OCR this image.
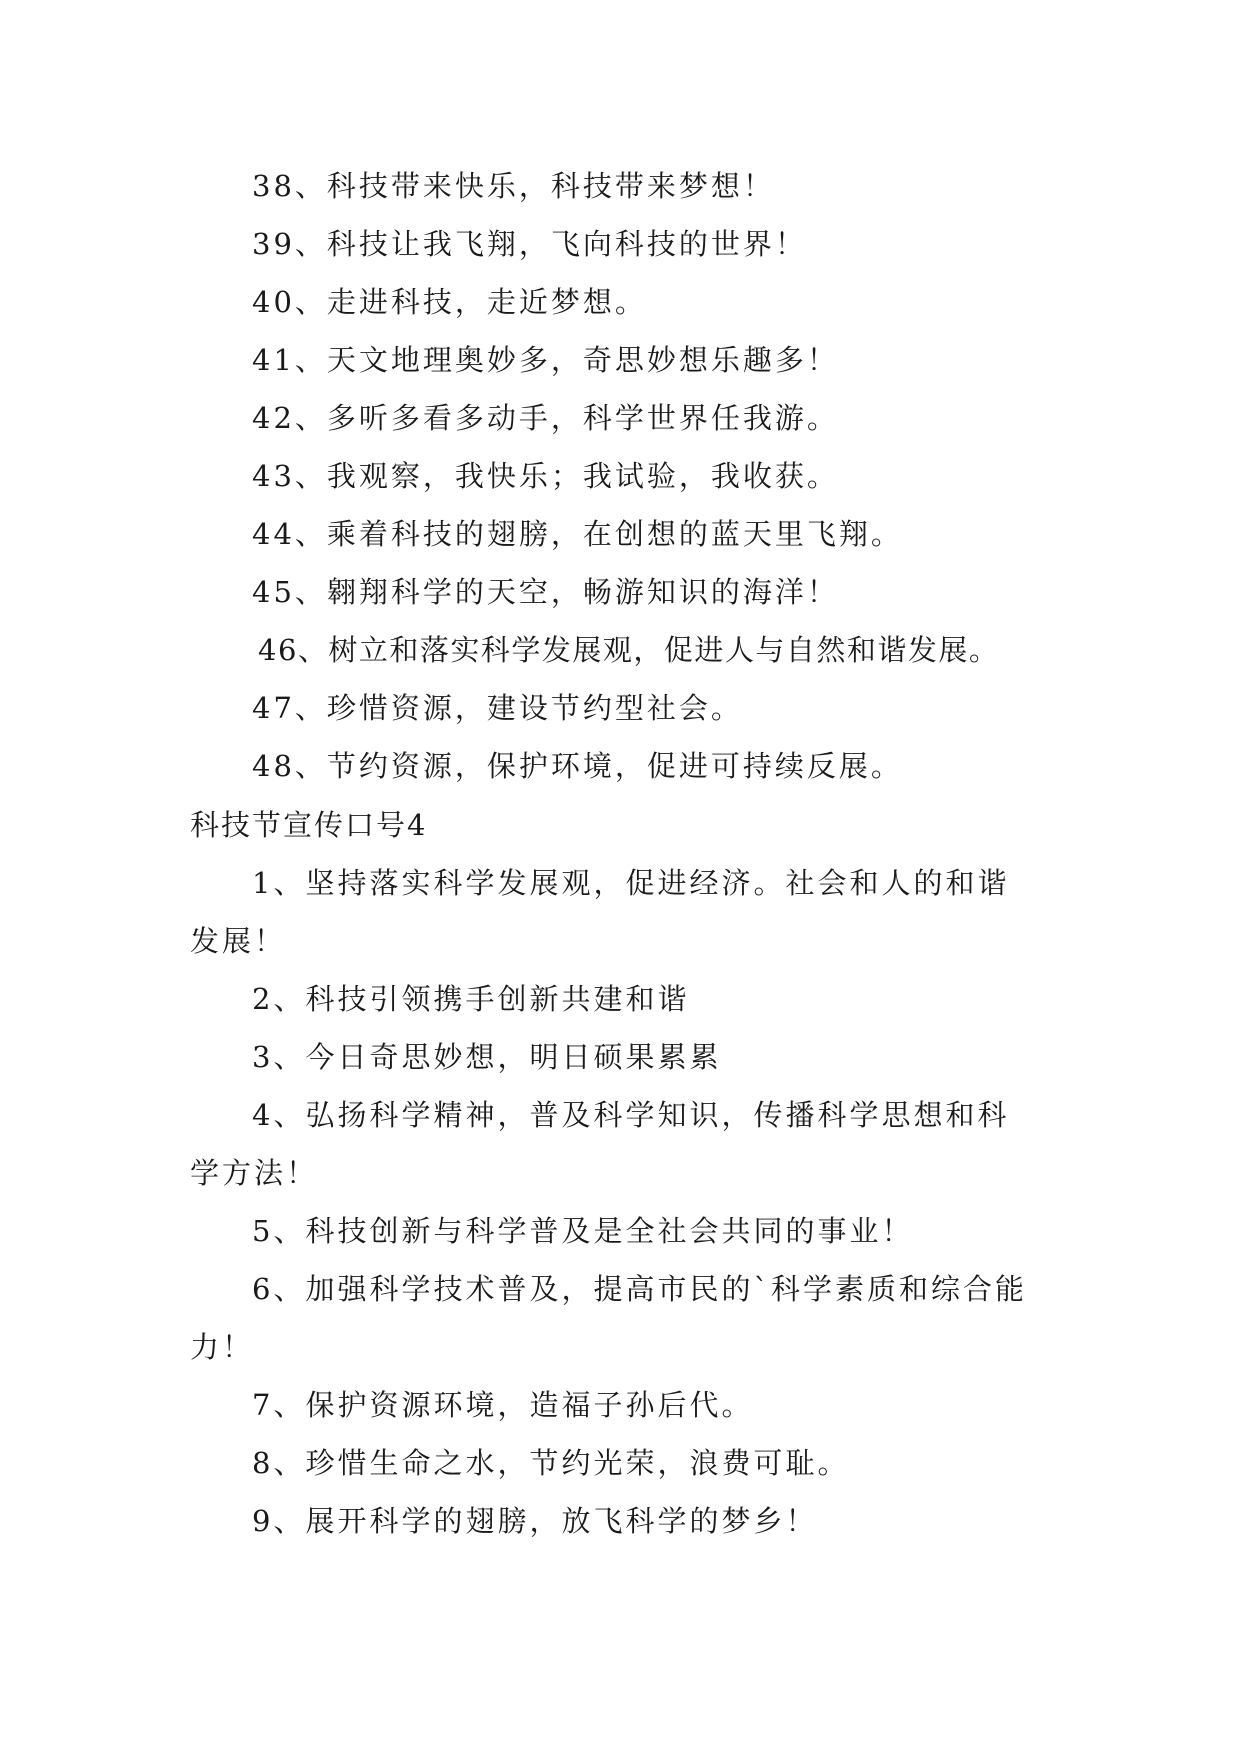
38、科技带来快乐，科技带来梦想！
39、科技让我飞翔，飞向科技的世界！
40、走进科技，走近梦想。
41、天文地理奥妙多，奇思妙想乐趣多！
42、多听多看多动手，科学世界任我游。
43、我观察，我快乐；我试验，我收获。
44、乘着科技的翅膀，在创想的蓝天里飞翔。
45、翱翔科学的天空，畅游知识的海洋！
46、树立和落实科学发展观，促进人与自然和谐发展。
47、珍惜资源，建设节约型社会。
48、节约资源，保护环境，促进可持续反展。
科技节宣传口号4
1、坚持落实科学发展观，促进经济。社会和人的和谐
发展！
2、科技引领携手创新共建和谐
3、今日奇思妙想，明日硕果累累
4、弘扬科学精神，普及科学知识，传播科学思想和科
学方法！
5、科技创新与科学普及是全社会共同的事业！
6、加强科学技术普及，提高市民的`科学素质和综合能
力！
7、保护资源环境，造福子孙后代。
8、珍惜生命之水，节约光荣，浪费可耻。
9、展开科学的翅膀，放飞科学的梦乡！
